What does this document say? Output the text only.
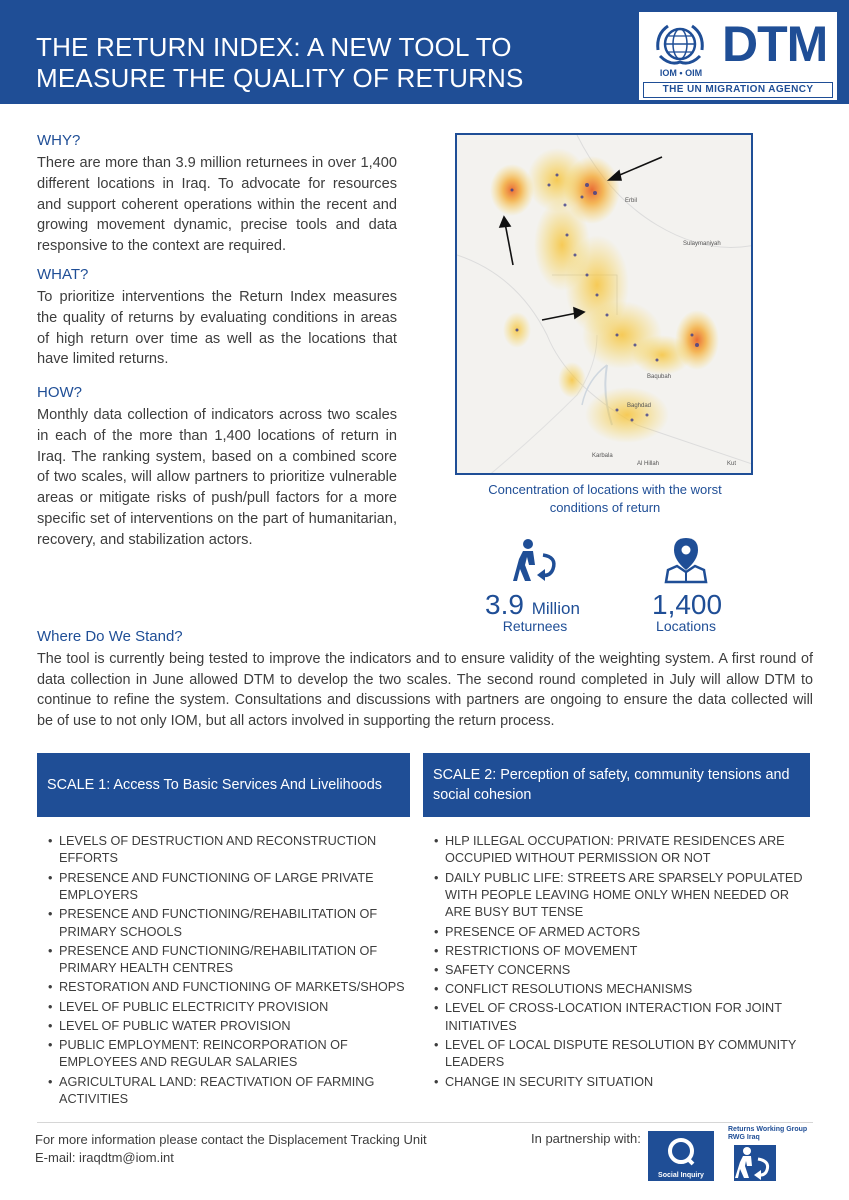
THE RETURN INDEX: A NEW TOOL TO
MEASURE THE QUALITY OF RETURNS	IOM • OIM
DTM
THE UN MIGRATION AGENCY
WHY?
There are more than 3.9 million returnees in over 1,400 different locations in Iraq. To advocate for resources and support coherent operations within the recent and growing movement dynamic, precise tools and data responsive to the context are required.
WHAT?
To prioritize interventions the Return Index measures the quality of returns by evaluating conditions in areas of high return over time as well as the locations that have limited returns.
HOW?
Monthly data collection of indicators across two scales in each of the more than 1,400 locations of return in Iraq. The ranking system, based on a combined score of two scales, will allow partners to prioritize vulnerable areas or mitigate risks of push/pull factors for a more specific set of interventions on the part of humanitarian, recovery, and stabilization actors.
Erbil
Sulaymaniyah
Baqubah
Baghdad
Karbala
Al Hillah	Kut
Concentration of locations with the worst
conditions of return
3.9 Million
Returnees
1,400
Locations
Where Do We Stand?
The tool is currently being tested to improve the indicators and to ensure validity of the weighting system. A first round of data collection in June allowed DTM to develop the two scales. The second round completed in July will allow DTM to continue to refine the system. Consultations and discussions with partners are ongoing to ensure the data collected will be of use to not only IOM, but all actors involved in supporting the return process.
SCALE 1: Access To Basic Services And Livelihoods
SCALE 2: Perception of safety, community tensions and social cohesion
• LEVELS OF DESTRUCTION AND RECONSTRUCTION EFFORTS
• PRESENCE AND FUNCTIONING OF LARGE PRIVATE EMPLOYERS
• PRESENCE AND FUNCTIONING/REHABILITATION OF PRIMARY SCHOOLS
• PRESENCE AND FUNCTIONING/REHABILITATION OF PRIMARY HEALTH CENTRES
• RESTORATION AND FUNCTIONING OF MARKETS/SHOPS
• LEVEL OF PUBLIC ELECTRICITY PROVISION
• LEVEL OF PUBLIC WATER PROVISION
• PUBLIC EMPLOYMENT: REINCORPORATION OF EMPLOYEES AND REGULAR SALARIES
• AGRICULTURAL LAND: REACTIVATION OF FARMING ACTIVITIES
• HLP ILLEGAL OCCUPATION: PRIVATE RESIDENCES ARE OCCUPIED WITHOUT PERMISSION OR NOT
• DAILY PUBLIC LIFE: STREETS ARE SPARSELY POPULATED WITH PEOPLE LEAVING HOME ONLY WHEN NEEDED OR ARE BUSY BUT TENSE
• PRESENCE OF ARMED ACTORS
• RESTRICTIONS OF MOVEMENT
• SAFETY CONCERNS
• CONFLICT RESOLUTIONS MECHANISMS
• LEVEL OF CROSS-LOCATION INTERACTION FOR JOINT INITIATIVES
• LEVEL OF LOCAL DISPUTE RESOLUTION BY COMMUNITY LEADERS
• CHANGE IN SECURITY SITUATION
For more information please contact the Displacement Tracking Unit
E-mail: iraqdtm@iom.int
In partnership with:
Social Inquiry
Returns Working Group
RWG Iraq
